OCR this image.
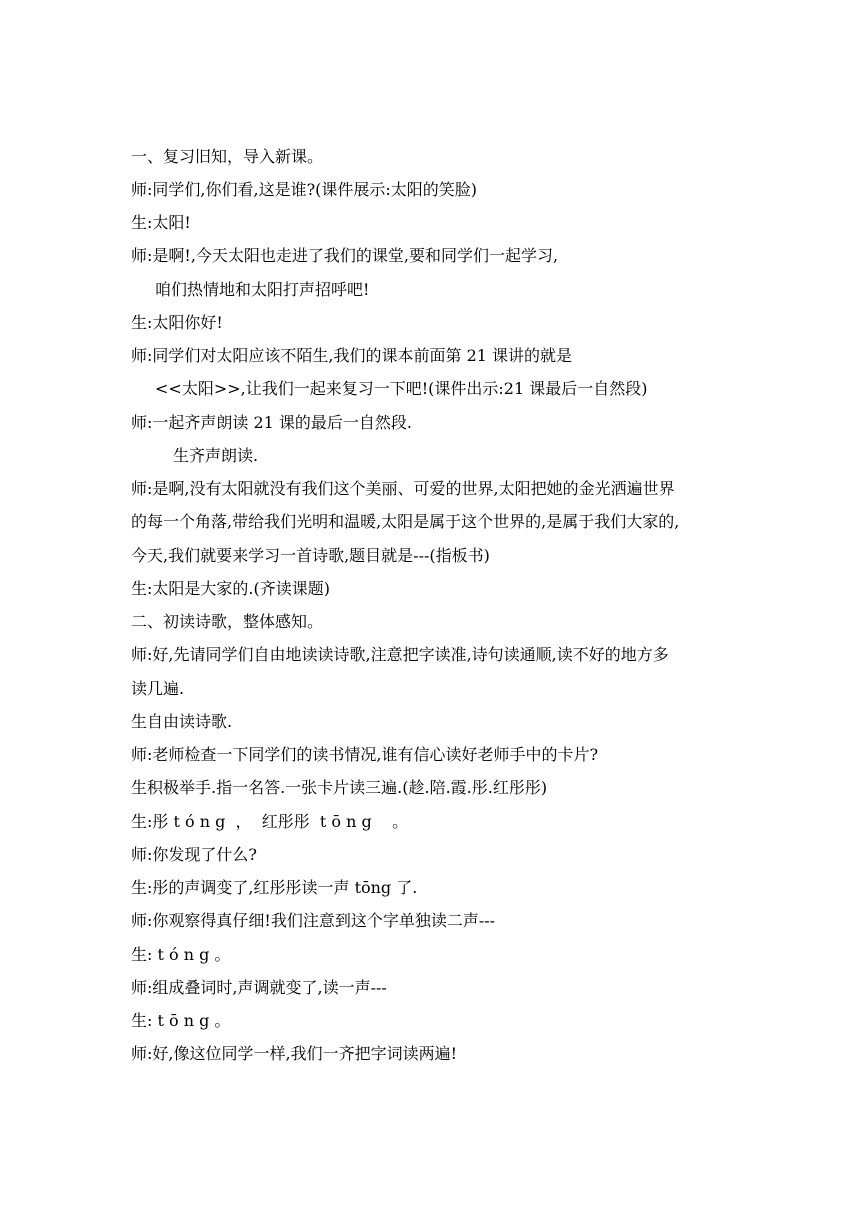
一、复习旧知，导入新课。
师:同学们,你们看,这是谁?(课件展示:太阳的笑脸)
生:太阳!
师:是啊!,今天太阳也走进了我们的课堂,要和同学们一起学习,
咱们热情地和太阳打声招呼吧!
生:太阳你好!
师:同学们对太阳应该不陌生,我们的课本前面第 21 课讲的就是
<<太阳>>,让我们一起来复习一下吧!(课件出示:21 课最后一自然段)
师:一起齐声朗读 21 课的最后一自然段.
生齐声朗读.
师:是啊,没有太阳就没有我们这个美丽、可爱的世界,太阳把她的金光洒遍世界
的每一个角落,带给我们光明和温暖,太阳是属于这个世界的,是属于我们大家的,
今天,我们就要来学习一首诗歌,题目就是---(指板书)
生:太阳是大家的.(齐读课题)
二、初读诗歌，整体感知。
师:好,先请同学们自由地读读诗歌,注意把字读准,诗句读通顺,读不好的地方多
读几遍.
生自由读诗歌.
师:老师检查一下同学们的读书情况,谁有信心读好老师手中的卡片?
生积极举手.指一名答.一张卡片读三遍.(趁.陪.霞.彤.红彤彤)
生:彤 t ó n g  ，  红彤彤  t ō n g    。
师:你发现了什么?
生:彤的声调变了,红彤彤读一声 tōng 了.
师:你观察得真仔细!我们注意到这个字单独读二声---
生: t ó n g 。
师:组成叠词时,声调就变了,读一声---
生: t ō n g 。
师:好,像这位同学一样,我们一齐把字词读两遍!
